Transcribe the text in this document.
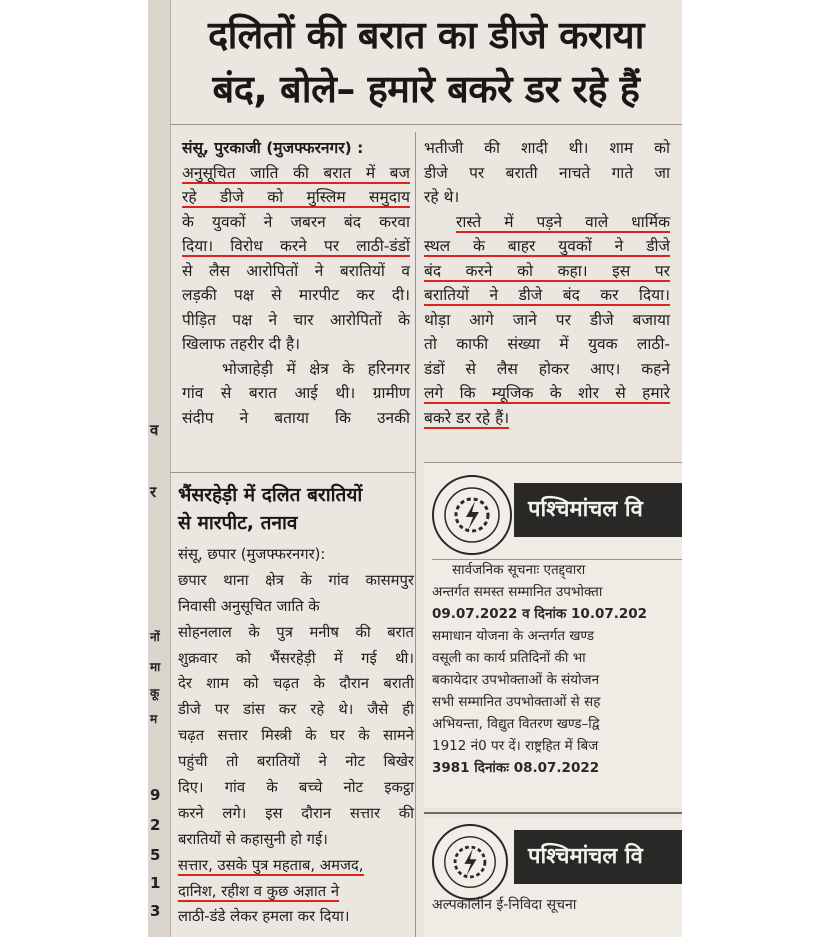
व
र
नों
मा
कू
म
9
2
5
1
3
दलितों की बरात का डीजे कराया
बंद, बोले– हमारे बकरे डर रहे हैं
संसू, पुरकाजी (मुजफ्फरनगर) :
अनुसूचित जाति की बरात में बज
रहे डीजे को मुस्लिम समुदाय
के युवकों ने जबरन बंद करवा
दिया। विरोध करने पर लाठी-डंडों
से लैस आरोपितों ने बरातियों व
लड़की पक्ष से मारपीट कर दी।
पीड़ित पक्ष ने चार आरोपितों के
खिलाफ तहरीर दी है।
भोजाहेड़ी में क्षेत्र के हरिनगर
गांव से बरात आई थी। ग्रामीण
संदीप ने बताया कि उनकी
भतीजी की शादी थी। शाम को
डीजे पर बराती नाचते गाते जा
रहे थे।
रास्ते में पड़ने वाले धार्मिक
स्थल के बाहर युवकों ने डीजे
बंद करने को कहा। इस पर
बरातियों ने डीजे बंद कर दिया।
थोड़ा आगे जाने पर डीजे बजाया
तो काफी संख्या में युवक लाठी-
डंडों से लैस होकर आए। कहने
लगे कि म्यूजिक के शोर से हमारे
बकरे डर रहे हैं।
भैंसरहेड़ी में दलित बरातियों
से मारपीट, तनाव
संसू, छपार (मुजफ्फरनगर):
छपार थाना क्षेत्र के गांव कासमपुर
निवासी अनुसूचित जाति के
सोहनलाल के पुत्र मनीष की बरात
शुक्रवार को भैंसरहेड़ी में गई थी।
देर शाम को चढ़त के दौरान बराती
डीजे पर डांस कर रहे थे। जैसे ही
चढ़त सत्तार मिस्त्री के घर के सामने
पहुंची तो बरातियों ने नोट बिखेर
दिए। गांव के बच्चे नोट इकट्ठा
करने लगे। इस दौरान सत्तार की
बरातियों से कहासुनी हो गई।
सत्तार, उसके पुत्र महताब, अमजद,
दानिश, रहीश व कुछ अज्ञात ने
लाठी-डंडे लेकर हमला कर दिया।
पश्चिमांचल वि
सार्वजनिक सूचनाः एतद्द्वारा
अन्तर्गत समस्त सम्मानित उपभोक्ता
09.07.2022 व दिनांक 10.07.202
समाधान योजना के अन्तर्गत खण्ड
वसूली का कार्य प्रतिदिनों की भा
बकायेदार उपभोक्ताओं के संयोजन
सभी सम्मानित उपभोक्ताओं से सह
अभियन्ता, विद्युत वितरण खण्ड–द्वि
1912 नं0 पर दें। राष्ट्रहित में बिज
3981 दिनांकः 08.07.2022
पश्चिमांचल वि
अल्पकालीन ई-निविदा सूचना
